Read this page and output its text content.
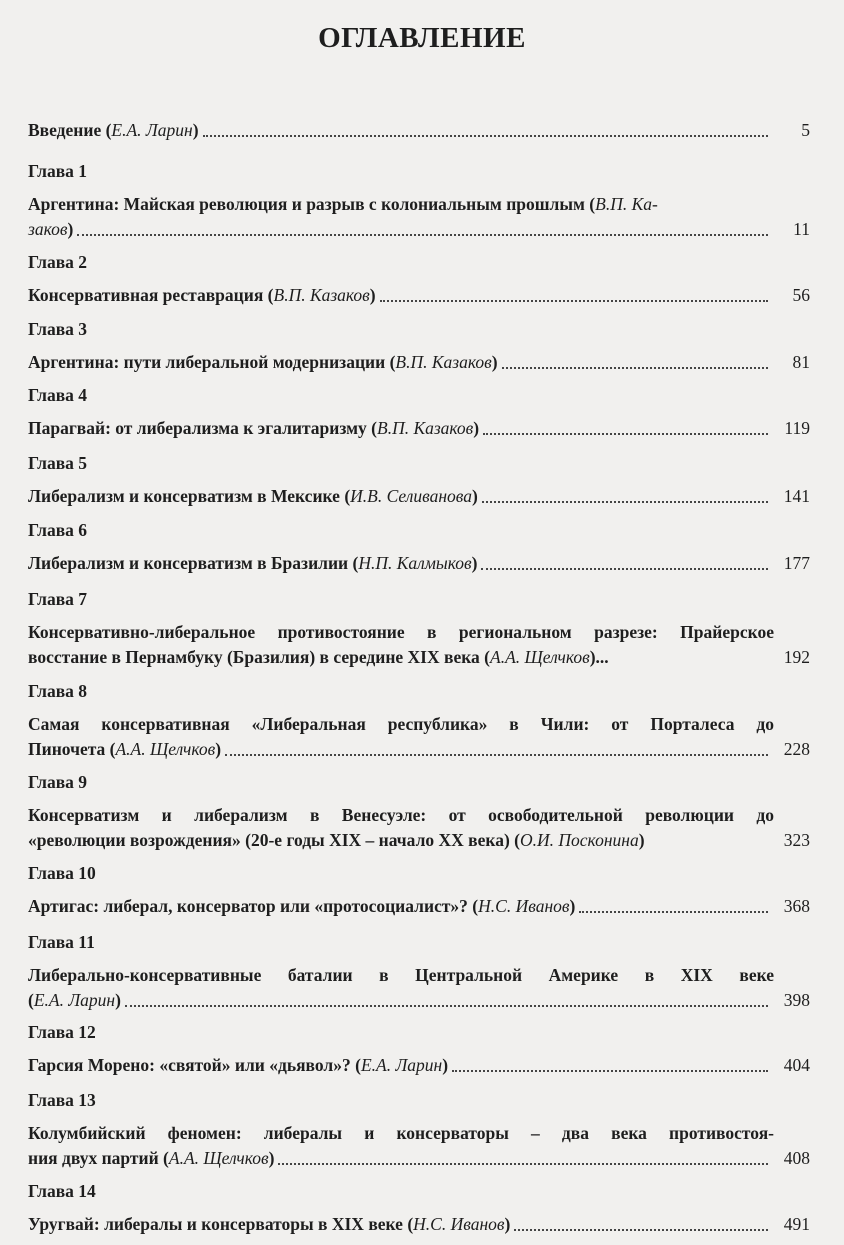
ОГЛАВЛЕНИЕ
Введение (Е.А. Ларин)	5
Глава 1
Аргентина: Майская революция и разрыв с колониальным прошлым (В.П. Ка-
заков)	11
Глава 2
Консервативная реставрация (В.П. Казаков)	56
Глава 3
Аргентина: пути либеральной модернизации (В.П. Казаков)	81
Глава 4
Парагвай: от либерализма к эгалитаризму (В.П. Казаков)	119
Глава 5
Либерализм и консерватизм в Мексике (И.В. Селиванова)	141
Глава 6
Либерализм и консерватизм в Бразилии (Н.П. Калмыков)	177
Глава 7
Консервативно-либеральное противостояние в региональном разрезе: Прайерское
восстание в Пернамбуку (Бразилия) в середине XIX века (А.А. Щелчков)...	192
Глава 8
Самая консервативная «Либеральная республика» в Чили: от Порталеса до
Пиночета (А.А. Щелчков)	228
Глава 9
Консерватизм и либерализм в Венесуэле: от освободительной революции до
«революции возрождения» (20-е годы XIX – начало XX века) (О.И. Посконина)	323
Глава 10
Артигас: либерал, консерватор или «протосоциалист»? (Н.С. Иванов)	368
Глава 11
Либерально-консервативные баталии в Центральной Америке в XIX веке
(Е.А. Ларин)	398
Глава 12
Гарсия Морено: «святой» или «дьявол»? (Е.А. Ларин)	404
Глава 13
Колумбийский феномен: либералы и консерваторы – два века противостоя-
ния двух партий (А.А. Щелчков)	408
Глава 14
Уругвай: либералы и консерваторы в XIX веке (Н.С. Иванов)	491
